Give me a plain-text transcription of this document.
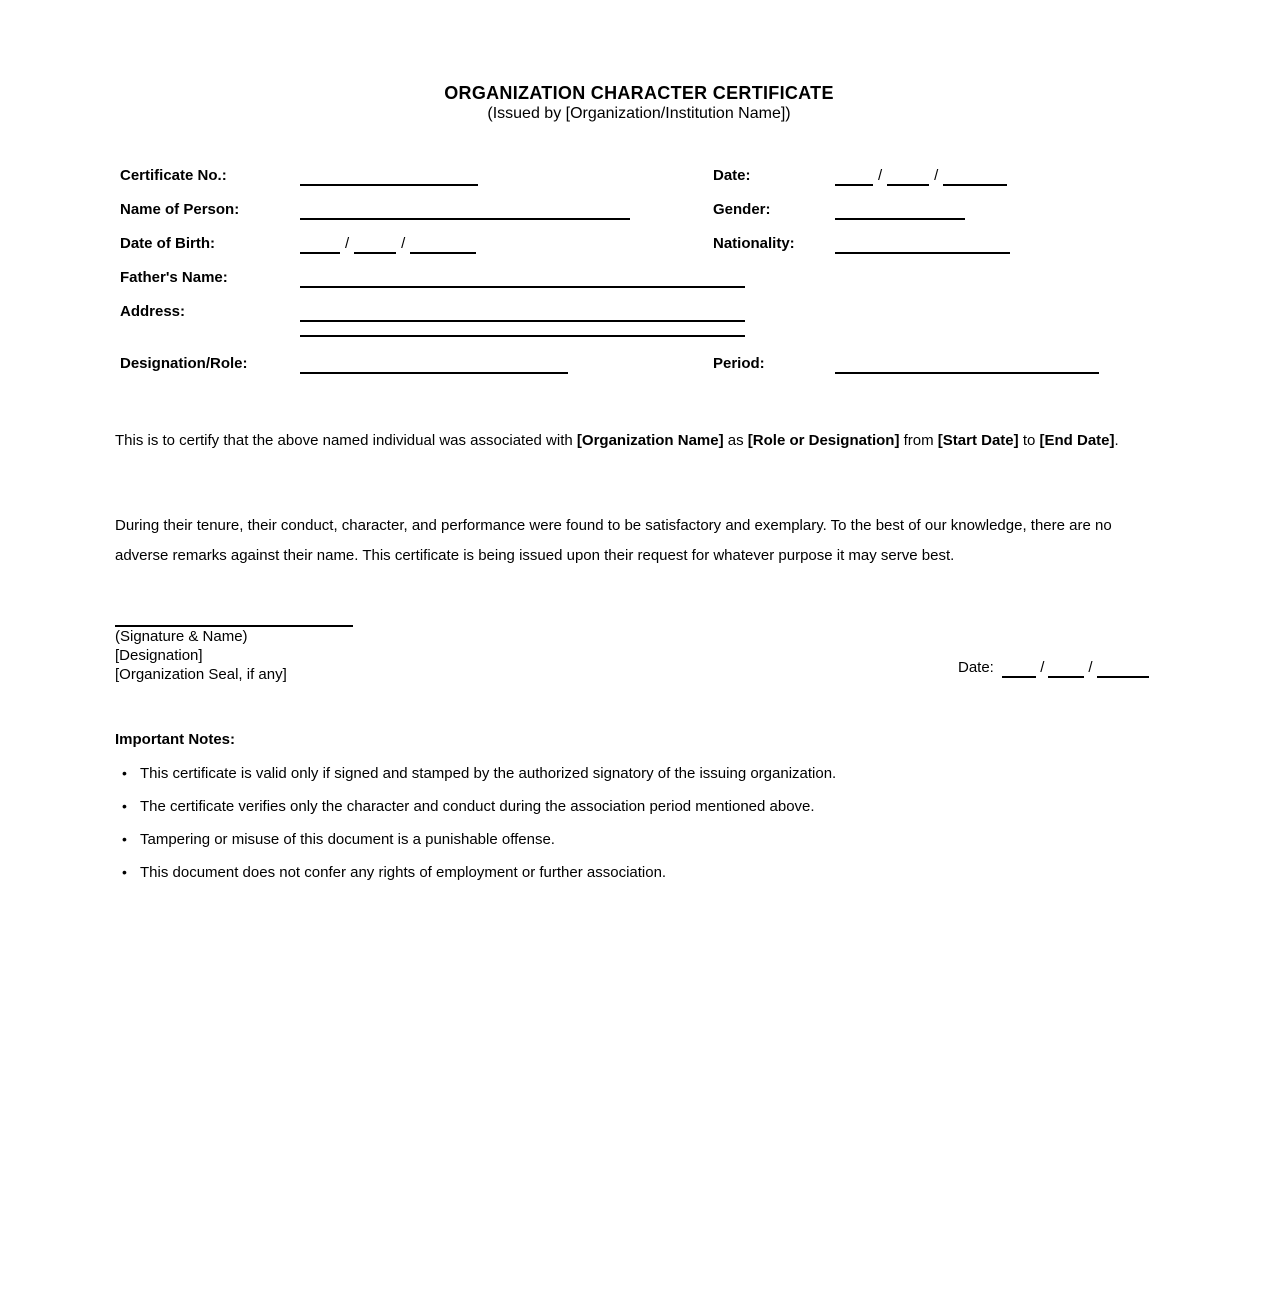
ORGANIZATION CHARACTER CERTIFICATE
(Issued by [Organization/Institution Name])
Certificate No.:	Date:	/	/
Name of Person:	Gender:
Date of Birth:	/	/	Nationality:
Father's Name:
Address:
Designation/Role:	Period:

This is to certify that the above named individual was associated with [Organization Name] as [Role or Designation] from [Start Date] to [End Date].

During their tenure, their conduct, character, and performance were found to be satisfactory and exemplary. To the best of our knowledge, there are no adverse remarks against their name. This certificate is being issued upon their request for whatever purpose it may serve best.

(Signature & Name)
[Designation]
[Organization Seal, if any]	Date:	/	/
Important Notes:
• This certificate is valid only if signed and stamped by the authorized signatory of the issuing organization.
• The certificate verifies only the character and conduct during the association period mentioned above.
• Tampering or misuse of this document is a punishable offense.
• This document does not confer any rights of employment or further association.
